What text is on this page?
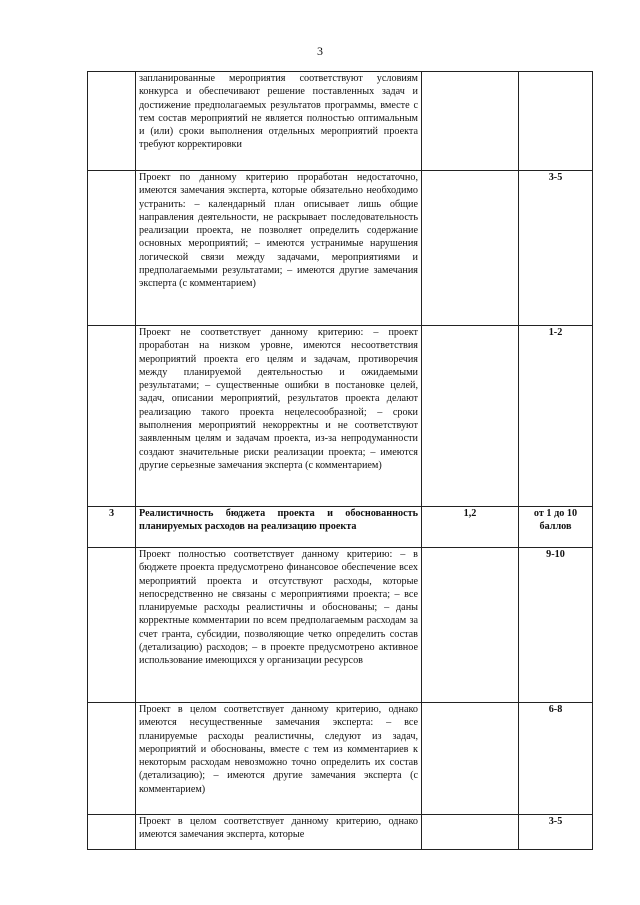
3
	запланированные мероприятия соответствуют условиям конкурса и обеспечивают решение поставленных задач и достижение предполагаемых результатов программы, вместе с тем состав мероприятий не является полностью оптимальным и (или) сроки выполнения отдельных мероприятий проекта требуют корректировки		
	Проект по данному критерию проработан недостаточно, имеются замечания эксперта, которые обязательно необходимо устранить: – календарный план описывает лишь общие направления деятельности, не раскрывает последовательность реализации проекта, не позволяет определить содержание основных мероприятий; – имеются устранимые нарушения логической связи между задачами, мероприятиями и предполагаемыми результатами; – имеются другие замечания эксперта (с комментарием)		3-5
	Проект не соответствует данному критерию: – проект проработан на низком уровне, имеются несоответствия мероприятий проекта его целям и задачам, противоречия между планируемой деятельностью и ожидаемыми результатами; – существенные ошибки в постановке целей, задач, описании мероприятий, результатов проекта делают реализацию такого проекта нецелесообразной; – сроки выполнения мероприятий некорректны и не соответствуют заявленным целям и задачам проекта, из-за непродуманности создают значительные риски реализации проекта; – имеются другие серьезные замечания эксперта (с комментарием)		1-2
3	Реалистичность бюджета проекта и обоснованность планируемых расходов на реализацию проекта	1,2	от 1 до 10 баллов
	Проект полностью соответствует данному критерию: – в бюджете проекта предусмотрено финансовое обеспечение всех мероприятий проекта и отсутствуют расходы, которые непосредственно не связаны с мероприятиями проекта; – все планируемые расходы реалистичны и обоснованы; – даны корректные комментарии по всем предполагаемым расходам за счет гранта, субсидии, позволяющие четко определить состав (детализацию) расходов; – в проекте предусмотрено активное использование имеющихся у организации ресурсов		9-10
	Проект в целом соответствует данному критерию, однако имеются несущественные замечания эксперта: – все планируемые расходы реалистичны, следуют из задач, мероприятий и обоснованы, вместе с тем из комментариев к некоторым расходам невозможно точно определить их состав (детализацию); – имеются другие замечания эксперта (с комментарием)		6-8
	Проект в целом соответствует данному критерию, однако имеются замечания эксперта, которые		3-5
